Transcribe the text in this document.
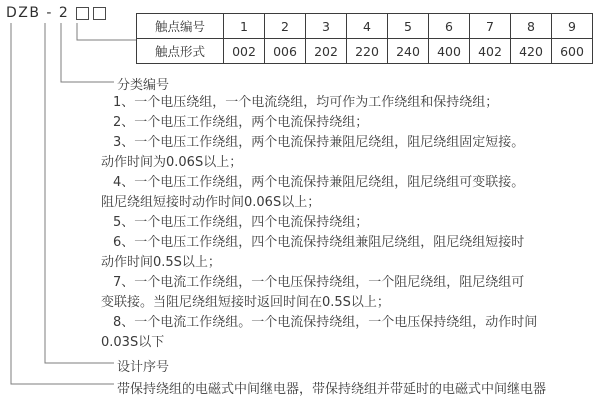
DZB - 2
触点编号	1	2	3	4	5	6	7	8	9
触点形式	002	006	202	220	240	400	402	420	600
分类编号
1、一个电压绕组，一个电流绕组，均可作为工作绕组和保持绕组；
2、一个电压工作绕组，两个电流保持绕组；
3、一个电压工作绕组，两个电流保持兼阻尼绕组，阻尼绕组固定短接。
动作时间为0.06S以上；
4、一个电压工作绕组，两个电流保持兼阻尼绕组，阻尼绕组可变联接。
阻尼绕组短接时动作时间0.06S以上；
5、一个电压工作绕组，四个电流保持绕组；
6、一个电压工作绕组，四个电流保持绕组兼阻尼绕组，阻尼绕组短接时
动作时间0.5S以上；
7、一个电流工作绕组，一个电压保持绕组，一个阻尼绕组，阻尼绕组可
变联接。当阻尼绕组短接时返回时间在0.5S以上；
8、一个电流工作绕组。一个电流保持绕组，一个电压保持绕组，动作时间
0.03S以下
设计序号
带保持绕组的电磁式中间继电器，带保持绕组并带延时的电磁式中间继电器
